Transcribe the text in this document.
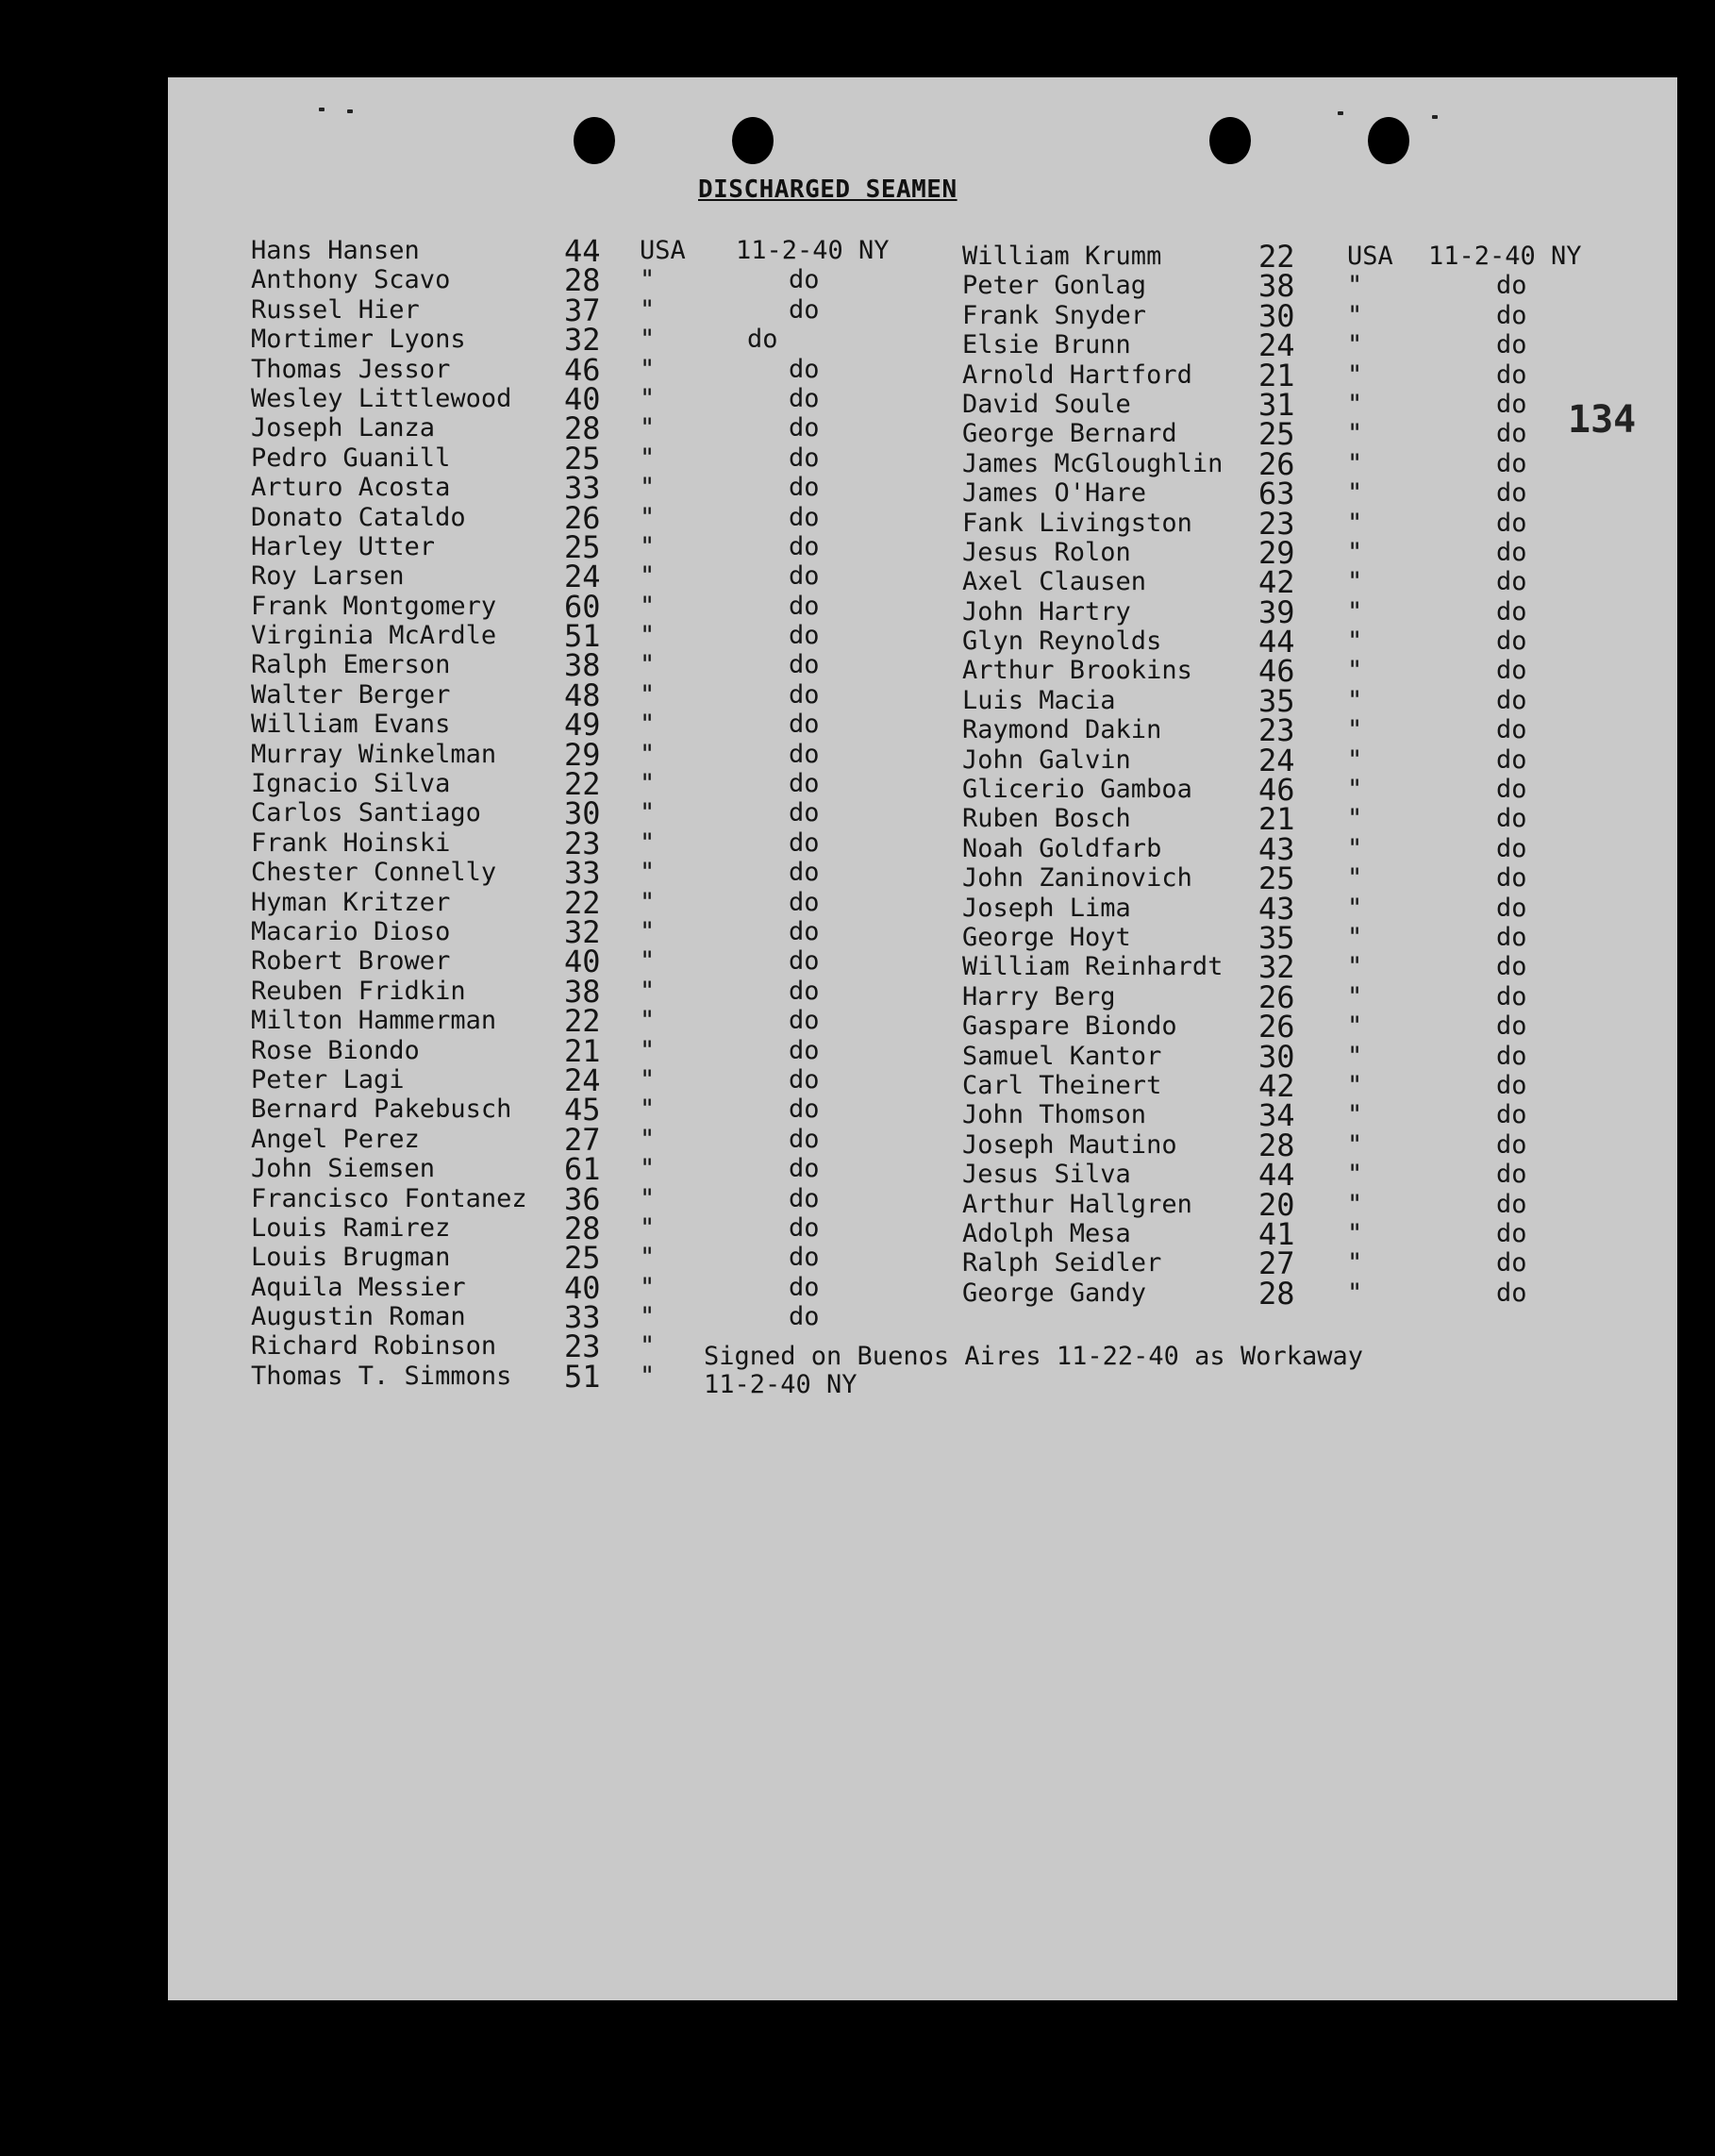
DISCHARGED SEAMEN
134
Hans Hansen	44 USA 11-2-40 NY
Anthony Scavo	28 "	do
Russel Hier	37 "	do
Mortimer Lyons	32 "	do
Thomas Jessor	46 "	do
Wesley Littlewood 40 "	do
Joseph Lanza	28 "	do
Pedro Guanill	25 "	do
Arturo Acosta	33 "	do
Donato Cataldo	26 "	do
Harley Utter	25 "	do
Roy Larsen	24 "	do
Frank Montgomery 60 "	do
Virginia McArdle 51 "	do
Ralph Emerson	38 "	do
Walter Berger	48 "	do
William Evans	49 "	do
Murray Winkelman 29 "	do
Ignacio Silva	22 "	do
Carlos Santiago	30 "	do
Frank Hoinski	23 "	do
Chester Connelly 33 "	do
Hyman Kritzer	22 "	do
Macario Dioso	32 "	do
Robert Brower	40 "	do
Reuben Fridkin	38 "	do
Milton Hammerman 22 "	do
Rose Biondo	21 "	do
Peter Lagi	24 "	do
Bernard Pakebusch 45 "	do
Angel Perez	27 "	do
John Siemsen	61 "	do
Francisco Fontanez 36 "	do
Louis Ramirez	28 "	do
Louis Brugman	25 "	do
Aquila Messier	40 "	do
Augustin Roman	33 "	do
Richard Robinson 23 "
Thomas T. Simmons 51 "
William Krumm	22 USA 11-2-40 NY
Peter Gonlag	38 "	do
Frank Snyder	30 "	do
Elsie Brunn	24 "	do
Arnold Hartford 21 "	do
David Soule	31 "	do
George Bernard	25 "	do
James McGloughlin 26 "	do
James O'Hare	63 "	do
Fank Livingston 23 "	do
Jesus Rolon	29 "	do
Axel Clausen	42 "	do
John Hartry	39 "	do
Glyn Reynolds	44 "	do
Arthur Brookins 46 "	do
Luis Macia	35 "	do
Raymond Dakin	23 "	do
John Galvin	24 "	do
Glicerio Gamboa 46 "	do
Ruben Bosch	21 "	do
Noah Goldfarb	43 "	do
John Zaninovich 25 "	do
Joseph Lima	43 "	do
George Hoyt	35 "	do
William Reinhardt 32 "	do
Harry Berg	26 "	do
Gaspare Biondo	26 "	do
Samuel Kantor	30 "	do
Carl Theinert	42 "	do
John Thomson	34 "	do
Joseph Mautino	28 "	do
Jesus Silva	44 "	do
Arthur Hallgren 20 "	do
Adolph Mesa	41 "	do
Ralph Seidler	27 "	do
George Gandy	28 "	do
Signed on Buenos Aires 11-22-40 as Workaway
11-2-40 NY
